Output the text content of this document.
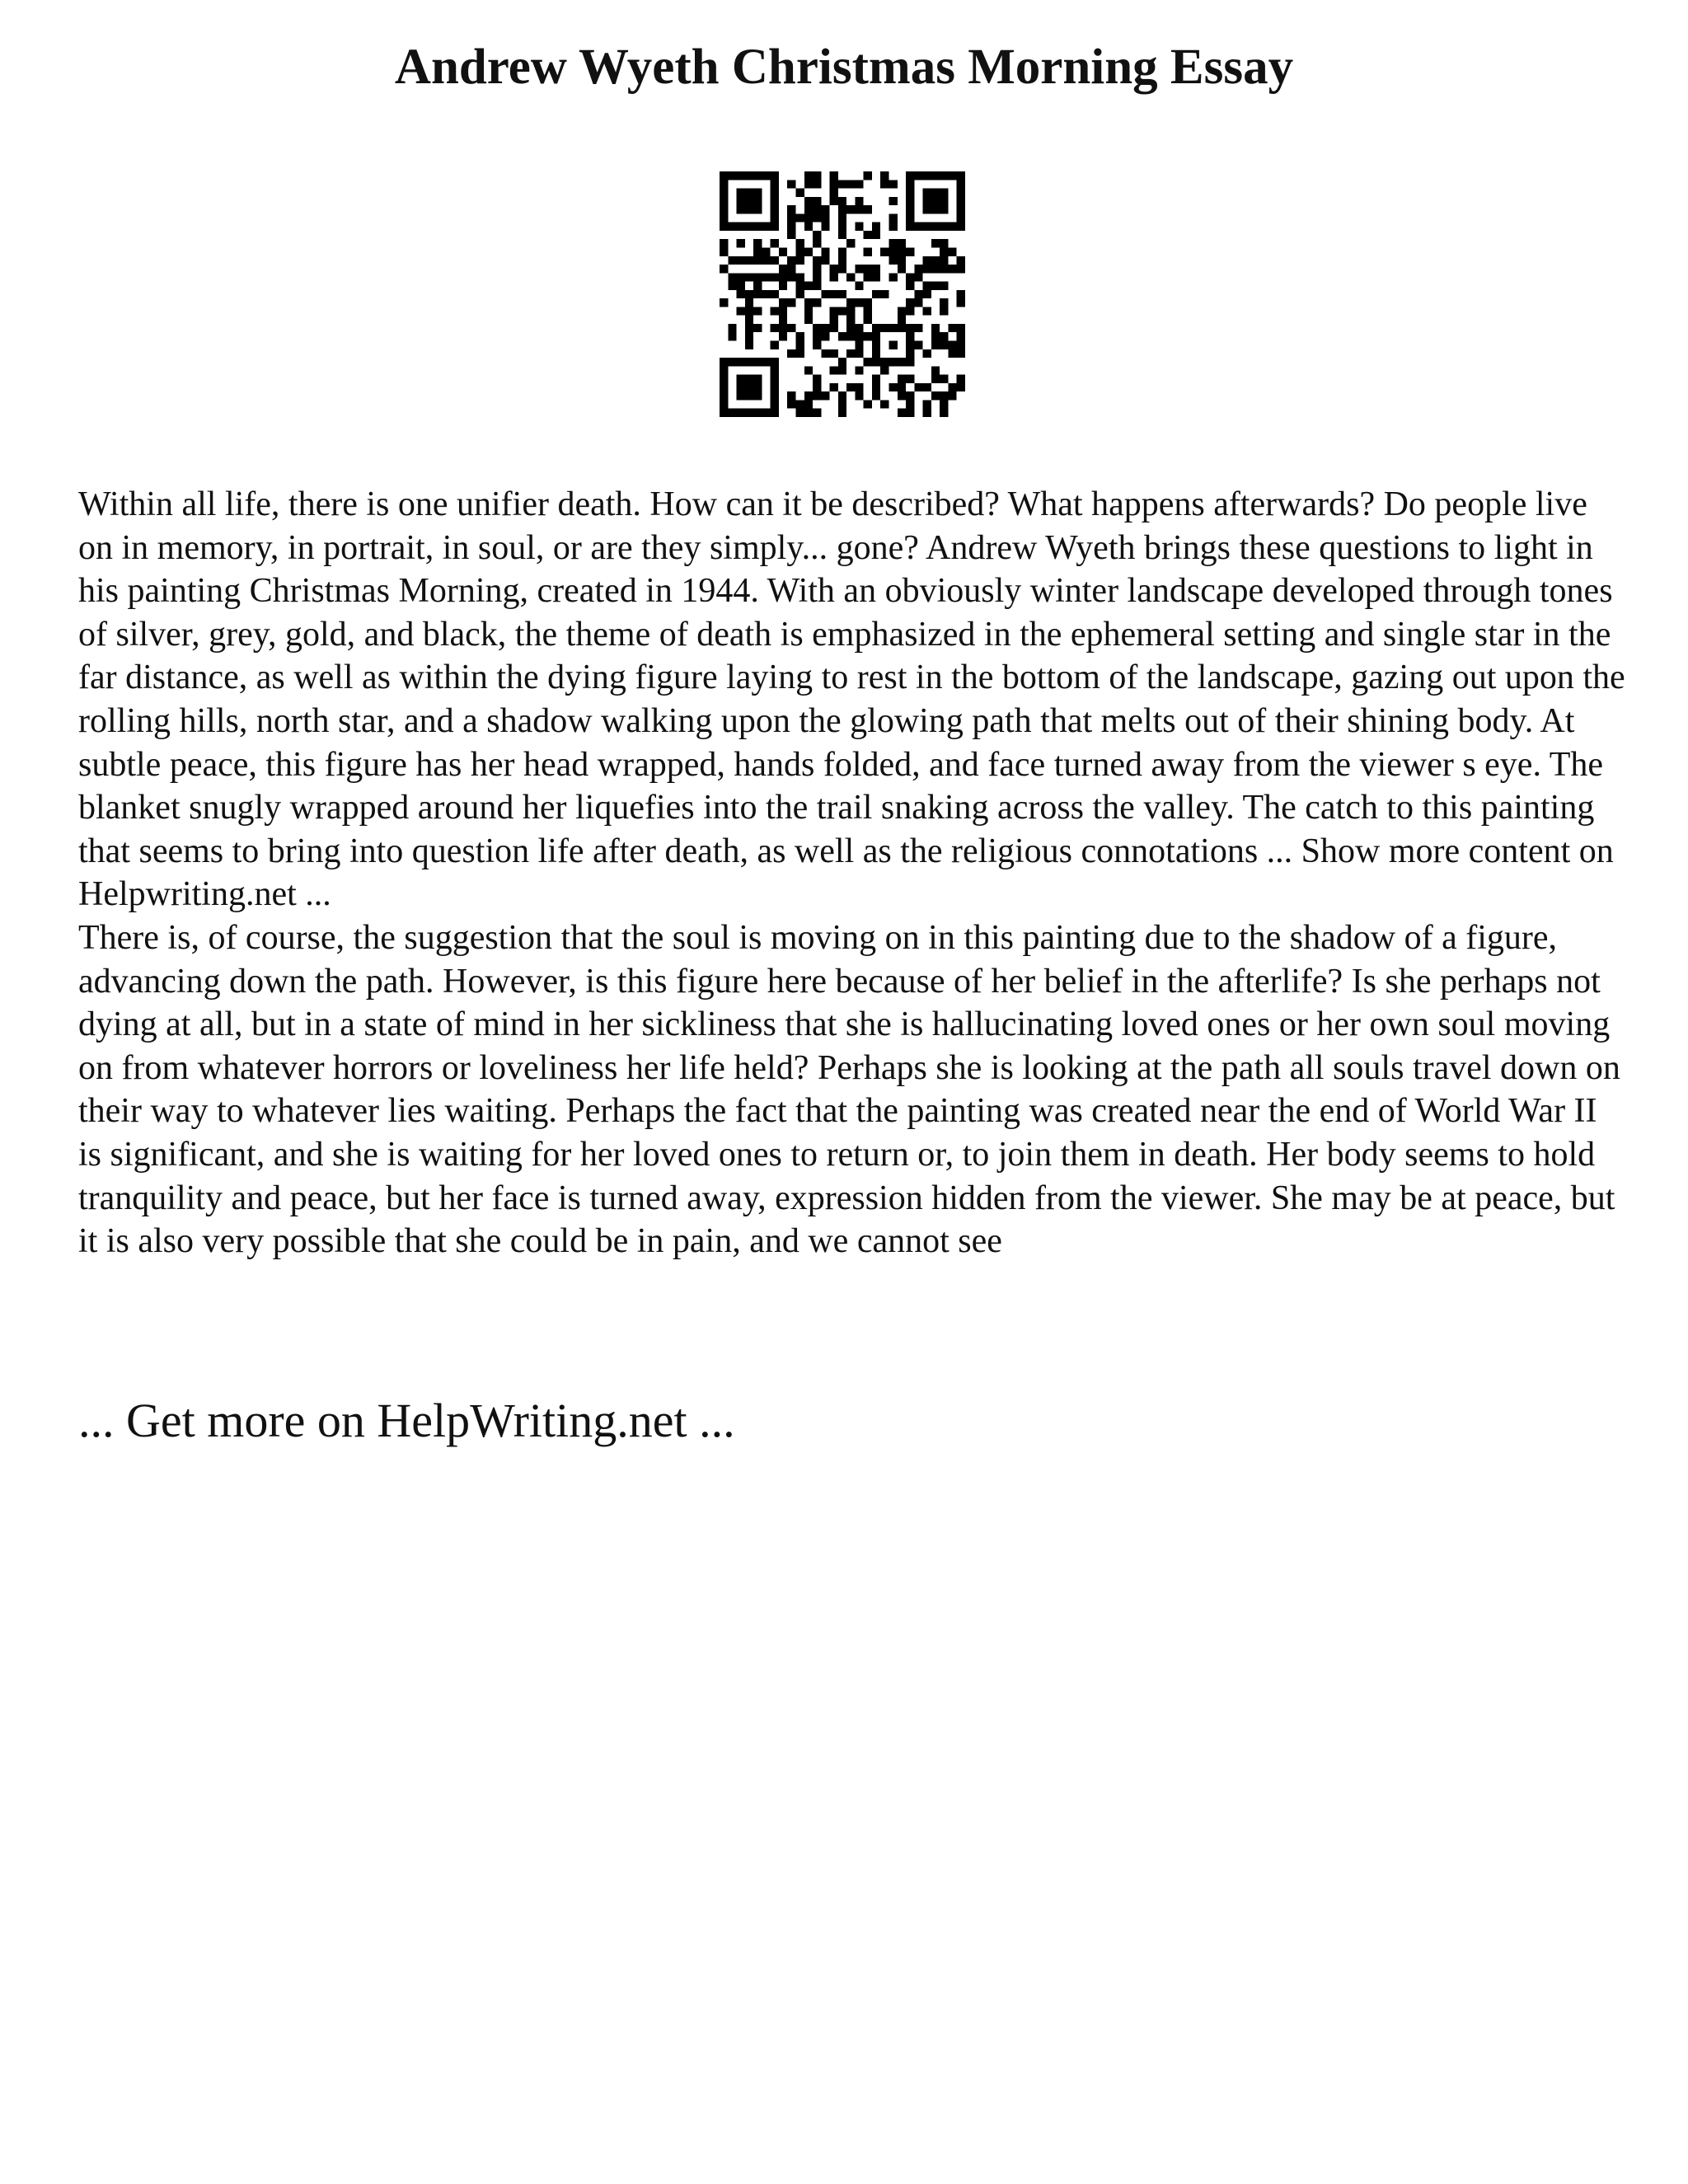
Andrew Wyeth Christmas Morning Essay

Within all life, there is one unifier death. How can it be described? What happens afterwards? Do people live on in memory, in portrait, in soul, or are they simply... gone? Andrew Wyeth brings these questions to light in his painting Christmas Morning, created in 1944. With an obviously winter landscape developed through tones of silver, grey, gold, and black, the theme of death is emphasized in the ephemeral setting and single star in the far distance, as well as within the dying figure laying to rest in the bottom of the landscape, gazing out upon the rolling hills, north star, and a shadow walking upon the glowing path that melts out of their shining body. At subtle peace, this figure has her head wrapped, hands folded, and face turned away from the viewer s eye. The blanket snugly wrapped around her liquefies into the trail snaking across the valley. The catch to this painting that seems to bring into question life after death, as well as the religious connotations ... Show more content on Helpwriting.net ...

There is, of course, the suggestion that the soul is moving on in this painting due to the shadow of a figure, advancing down the path. However, is this figure here because of her belief in the afterlife? Is she perhaps not dying at all, but in a state of mind in her sickliness that she is hallucinating loved ones or her own soul moving on from whatever horrors or loveliness her life held? Perhaps she is looking at the path all souls travel down on their way to whatever lies waiting. Perhaps the fact that the painting was created near the end of World War II is significant, and she is waiting for her loved ones to return or, to join them in death. Her body seems to hold tranquility and peace, but her face is turned away, expression hidden from the viewer. She may be at peace, but it is also very possible that she could be in pain, and we cannot see

... Get more on HelpWriting.net ...
